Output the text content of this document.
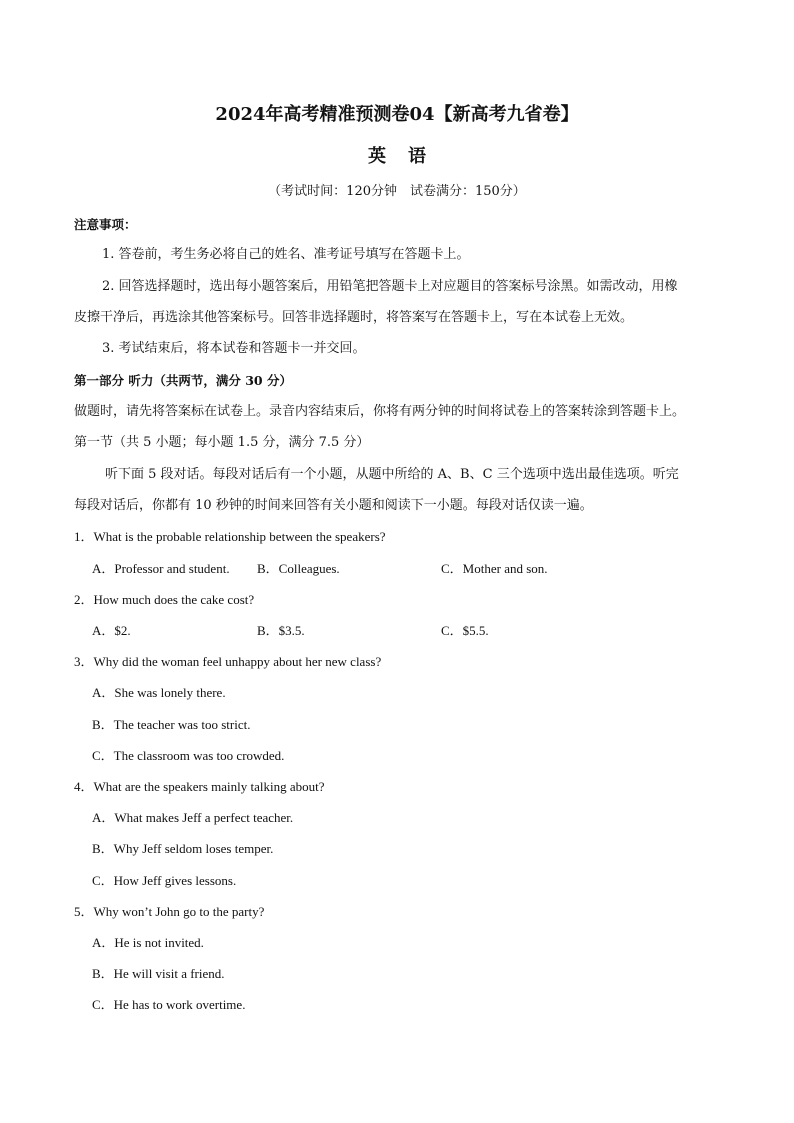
2024年高考精准预测卷04【新高考九省卷】
英 语
（考试时间：120分钟　试卷满分：150分）
注意事项：
1. 答卷前，考生务必将自己的姓名、准考证号填写在答题卡上。
2. 回答选择题时，选出每小题答案后，用铅笔把答题卡上对应题目的答案标号涂黑。如需改动，用橡
皮擦干净后，再选涂其他答案标号。回答非选择题时，将答案写在答题卡上，写在本试卷上无效。
3. 考试结束后，将本试卷和答题卡一并交回。
第一部分 听力（共两节，满分 30 分）
做题时，请先将答案标在试卷上。录音内容结束后，你将有两分钟的时间将试卷上的答案转涂到答题卡上。
第一节（共 5 小题；每小题 1.5 分，满分 7.5 分）
听下面 5 段对话。每段对话后有一个小题，从题中所给的 A、B、C 三个选项中选出最佳选项。听完
每段对话后，你都有 10 秒钟的时间来回答有关小题和阅读下一小题。每段对话仅读一遍。
1．What is the probable relationship between the speakers?
A．Professor and student. B．Colleagues.	C．Mother and son.
2．How much does the cake cost?
A．$2.	B．$3.5.	C．$5.5.
3．Why did the woman feel unhappy about her new class?
A．She was lonely there.
B．The teacher was too strict.
C．The classroom was too crowded.
4．What are the speakers mainly talking about?
A．What makes Jeff a perfect teacher.
B．Why Jeff seldom loses temper.
C．How Jeff gives lessons.
5．Why won’t John go to the party?
A．He is not invited.
B．He will visit a friend.
C．He has to work overtime.
